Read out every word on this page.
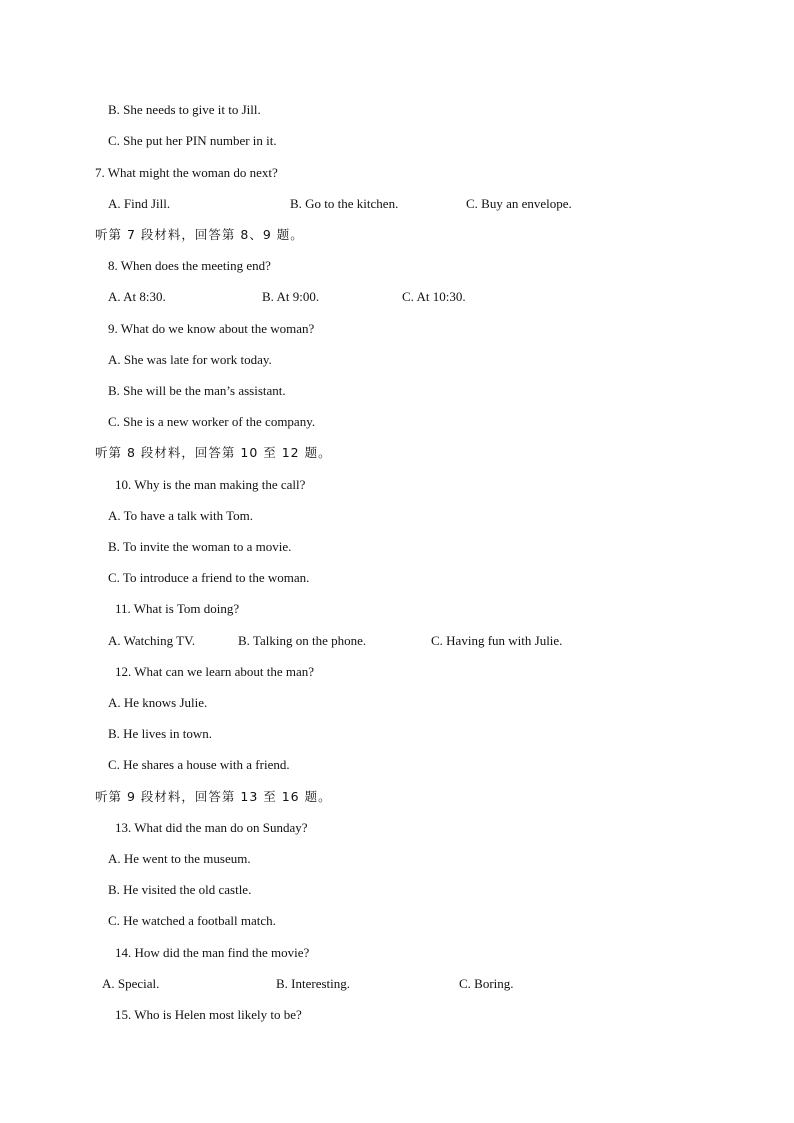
B. She needs to give it to Jill.
C. She put her PIN number in it.
7. What might the woman do next?
A. Find Jill.	B. Go to the kitchen.	C. Buy an envelope.
听第 7 段材料，回答第 8、9 题。
8. When does the meeting end?
A. At 8:30.	B. At 9:00.	C. At 10:30.
9. What do we know about the woman?
A. She was late for work today.
B. She will be the man’s assistant.
C. She is a new worker of the company.
听第 8 段材料，回答第 10 至 12 题。
10. Why is the man making the call?
A. To have a talk with Tom.
B. To invite the woman to a movie.
C. To introduce a friend to the woman.
11. What is Tom doing?
A. Watching TV.	B. Talking on the phone.	C. Having fun with Julie.
12. What can we learn about the man?
A. He knows Julie.
B. He lives in town.
C. He shares a house with a friend.
听第 9 段材料，回答第 13 至 16 题。
13. What did the man do on Sunday?
A. He went to the museum.
B. He visited the old castle.
C. He watched a football match.
14. How did the man find the movie?
A. Special.	B. Interesting.	C. Boring.
15. Who is Helen most likely to be?
